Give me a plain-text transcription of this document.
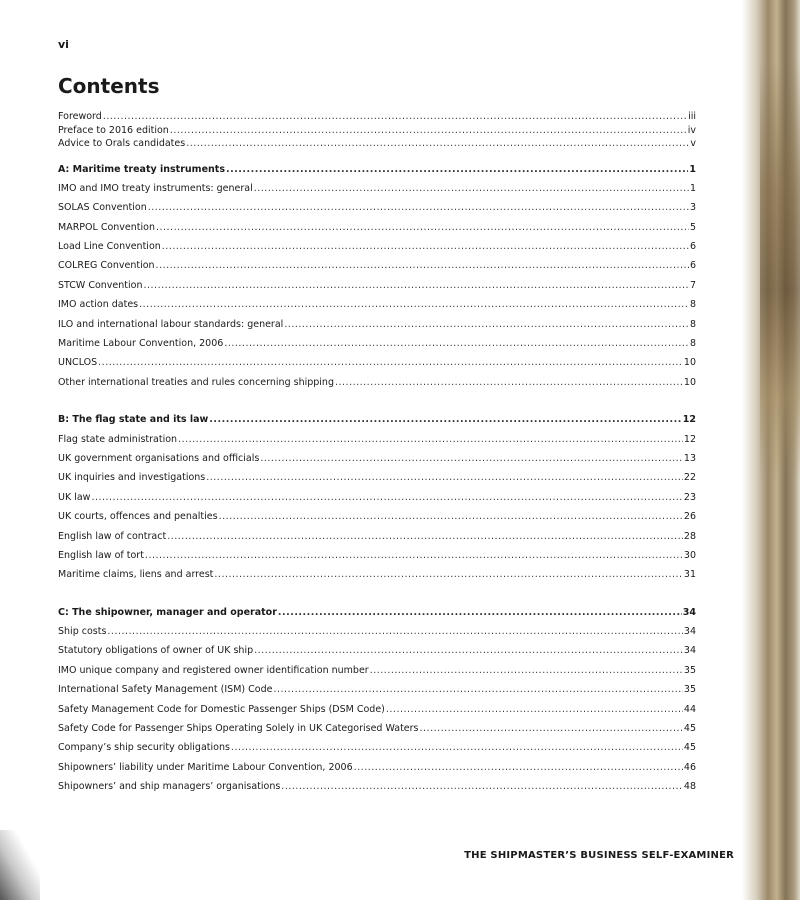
vi
Contents
Foreword .....	iii
Preface to 2016 edition .....	iv
Advice to Orals candidates .....	v
A: Maritime treaty instruments .....	1
IMO and IMO treaty instruments: general .....	1
SOLAS Convention .....	3
MARPOL Convention .....	5
Load Line Convention .....	6
COLREG Convention .....	6
STCW Convention .....	7
IMO action dates .....	8
ILO and international labour standards: general .....	8
Maritime Labour Convention, 2006 .....	8
UNCLOS .....	10
Other international treaties and rules concerning shipping .....	10
B: The flag state and its law .....	12
Flag state administration .....	12
UK government organisations and officials .....	13
UK inquiries and investigations .....	22
UK law .....	23
UK courts, offences and penalties .....	26
English law of contract .....	28
English law of tort .....	30
Maritime claims, liens and arrest .....	31
C: The shipowner, manager and operator .....	34
Ship costs .....	34
Statutory obligations of owner of UK ship .....	34
IMO unique company and registered owner identification number .....	35
International Safety Management (ISM) Code .....	35
Safety Management Code for Domestic Passenger Ships (DSM Code) .....	44
Safety Code for Passenger Ships Operating Solely in UK Categorised Waters .....	45
Company’s ship security obligations .....	45
Shipowners’ liability under Maritime Labour Convention, 2006 .....	46
Shipowners’ and ship managers’ organisations .....	48
THE SHIPMASTER’S BUSINESS SELF-EXAMINER
